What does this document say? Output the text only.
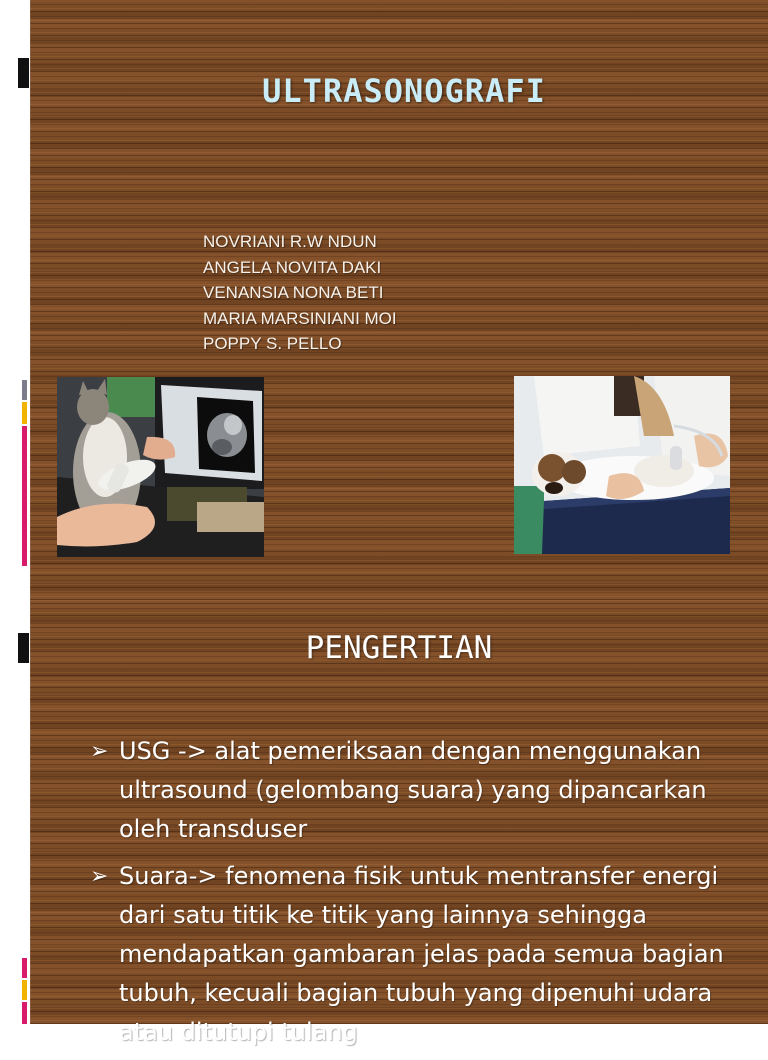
ULTRASONOGRAFI
NOVRIANI R.W NDUN
ANGELA NOVITA DAKI
VENANSIA NONA BETI
MARIA MARSINIANI MOI
POPPY S. PELLO
PENGERTIAN
➢ USG -> alat pemeriksaan dengan menggunakan ultrasound (gelombang suara) yang dipancarkan oleh transduser
➢ Suara-> fenomena fisik untuk mentransfer energi dari satu titik ke titik yang lainnya sehingga mendapatkan gambaran jelas pada semua bagian tubuh, kecuali bagian tubuh yang dipenuhi udara atau ditutupi tulang
